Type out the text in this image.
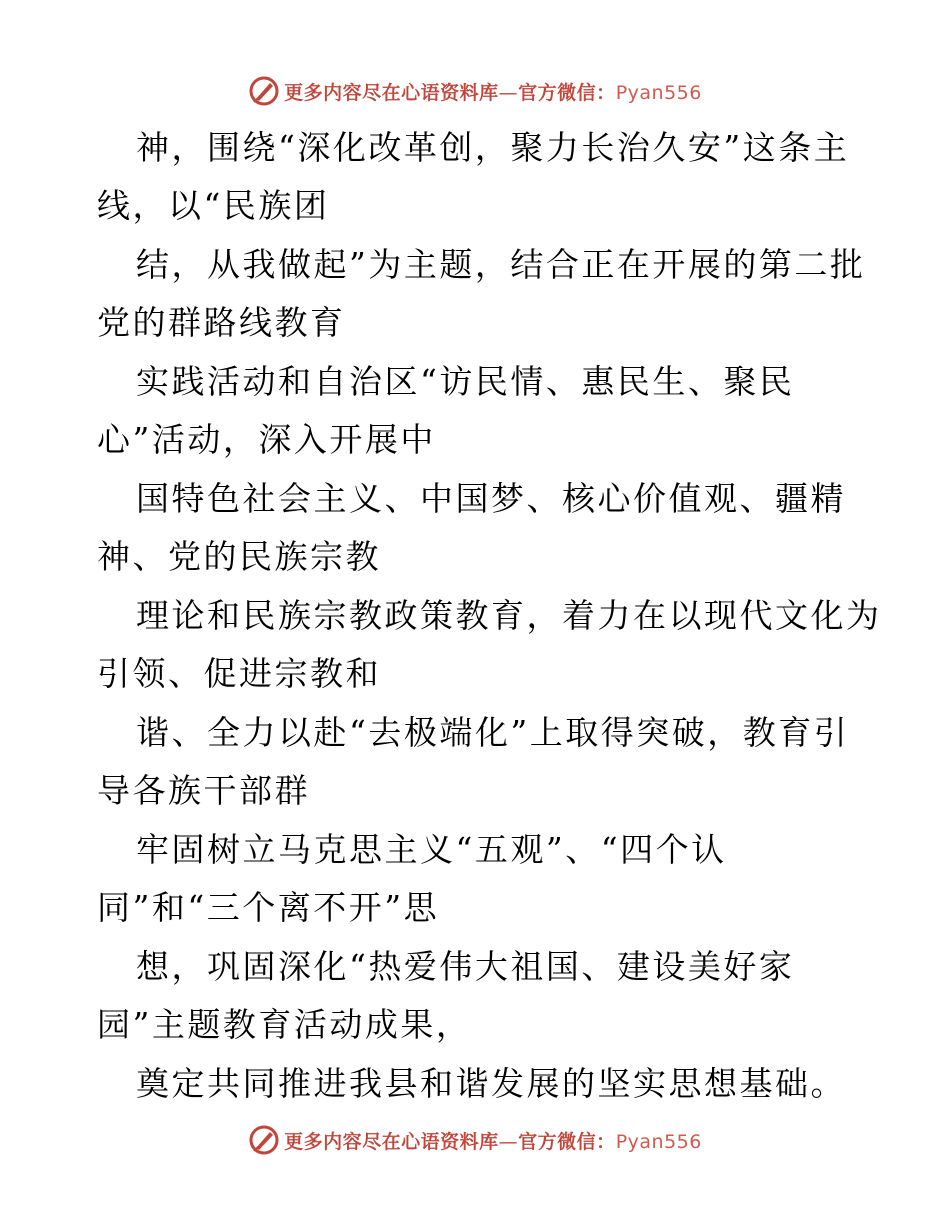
更多内容尽在心语资料库—官方微信：Pyan556
神，围绕“深化改革创，聚力长治久安”这条主
线，以“民族团
结，从我做起”为主题，结合正在开展的第二批
党的群路线教育
实践活动和自治区“访民情、惠民生、聚民
心”活动，深入开展中
国特色社会主义、中国梦、核心价值观、疆精
神、党的民族宗教
理论和民族宗教政策教育，着力在以现代文化为
引领、促进宗教和
谐、全力以赴“去极端化”上取得突破，教育引
导各族干部群
牢固树立马克思主义“五观”、“四个认
同”和“三个离不开”思
想，巩固深化“热爱伟大祖国、建设美好家
园”主题教育活动成果，
奠定共同推进我县和谐发展的坚实思想基础。
更多内容尽在心语资料库—官方微信：Pyan556
